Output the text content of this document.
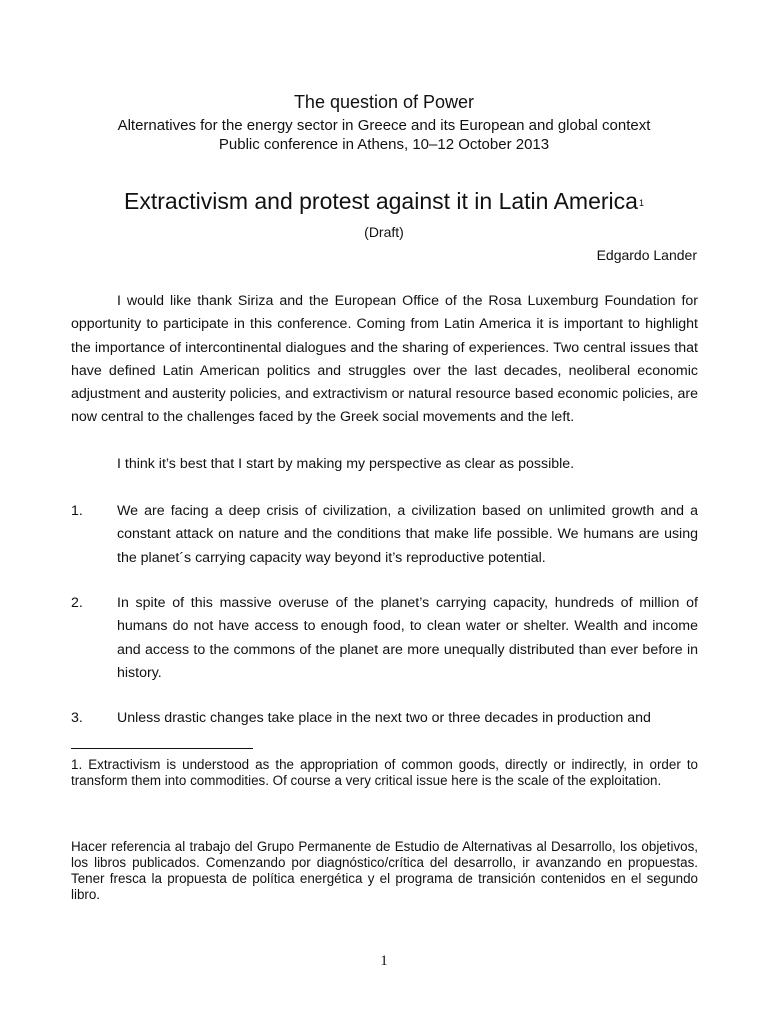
The question of Power
Alternatives for the energy sector in Greece and its European and global context
Public conference in Athens, 10–12 October 2013
Extractivism and protest against it in Latin America$^1$
(Draft)
Edgardo Lander
I would like thank Siriza and the European Office of the Rosa Luxemburg Foundation for opportunity to participate in this conference. Coming from Latin America it is important to highlight the importance of intercontinental dialogues and the sharing of experiences. Two central issues that have defined Latin American politics and struggles over the last decades, neoliberal economic adjustment and austerity policies, and extractivism or natural resource based economic policies, are now central to the challenges faced by the Greek social movements and the left.
I think it’s best that I start by making my perspective as clear as possible.
1.	We are facing a deep crisis of civilization, a civilization based on unlimited growth and a constant attack on nature and the conditions that make life possible. We humans are using the planet´s carrying capacity way beyond it’s reproductive potential.
2.	In spite of this massive overuse of the planet’s carrying capacity, hundreds of million of humans do not have access to enough food, to clean water or shelter. Wealth and income and access to the commons of the planet are more unequally distributed than ever before in history.
3.	Unless drastic changes take place in the next two or three decades in production and
1. Extractivism is understood as the appropriation of common goods, directly or indirectly, in order to transform them into commodities. Of course a very critical issue here is the scale of the exploitation.
Hacer referencia al trabajo del Grupo Permanente de Estudio de Alternativas al Desarrollo, los objetivos, los libros publicados. Comenzando por diagnóstico/crítica del desarrollo, ir avanzando en propuestas. Tener fresca la propuesta de política energética y el programa de transición contenidos en el segundo libro.
1
